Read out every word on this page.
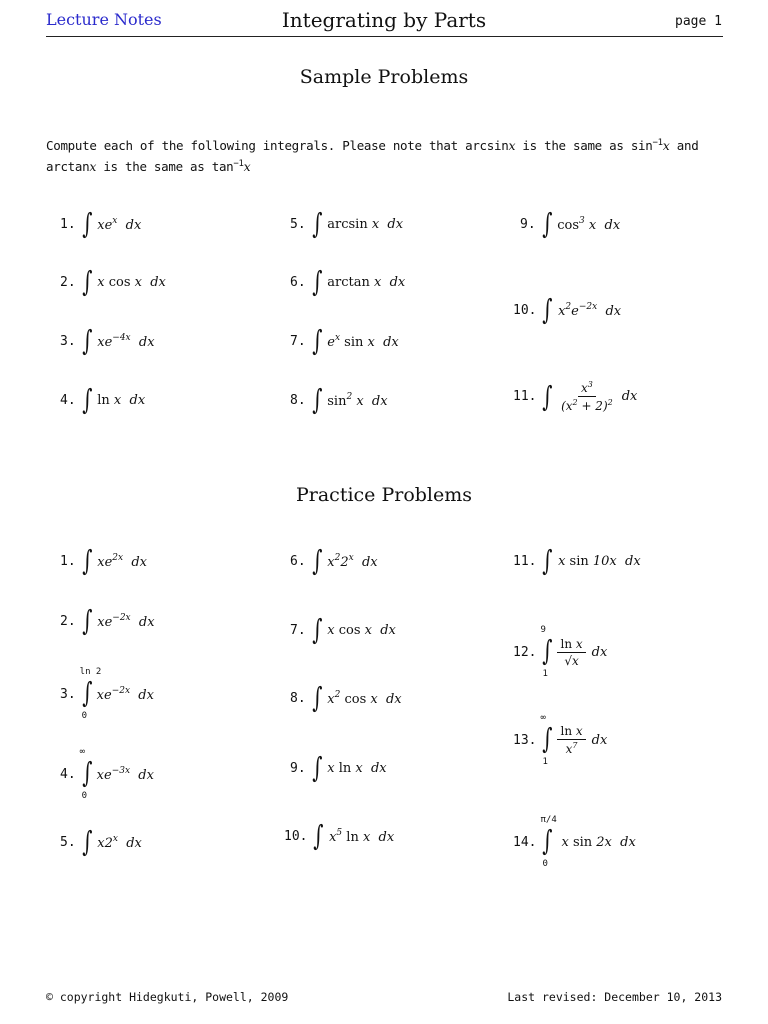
Lecture Notes	Integrating by Parts	page 1
Sample Problems
Compute each of the following integrals. Please note that arcsinx is the same as $\sin^{-1}x$ and arctanx is the same as $\tan^{-1}x$
1. ∫ $xe^x$  dx
2. ∫ x cos x  dx
3. ∫ $xe^{-4x}$  dx
4. ∫ ln x  dx
5. ∫ arcsin x  dx
6. ∫ arctan x  dx
7. ∫ $e^x$ sin x  dx
8. ∫ $\sin^2 x$  dx
9. ∫ $\cos^3 x$  dx
10. ∫ $x^2e^{-2x}$  dx
11. ∫ $\frac{x^3}{(x^2 + 2)^2}$ dx
Practice Problems
1. ∫ $xe^{2x}$  dx
2. ∫ $xe^{-2x}$  dx
3.
ln 2
∫
0
$xe^{-2x}$  dx
4.
∞
∫
0
$xe^{-3x}$  dx
5. ∫ x2$^x$  dx
6. ∫ $x^22^x$  dx
7. ∫ x cos x  dx
8. ∫ $x^2$ cos x  dx
9. ∫ x ln x  dx
10. ∫ $x^5$ ln x  dx
11. ∫ x sin 10x  dx
12.
9
∫
1
$\frac{\text{ln x}}{√x}$ dx
13.
∞
∫
1
$\frac{\text{ln x}}{x^7}$ dx
14.
π/4
∫
0
x sin 2x  dx
© copyright Hidegkuti, Powell, 2009	Last revised: December 10, 2013
